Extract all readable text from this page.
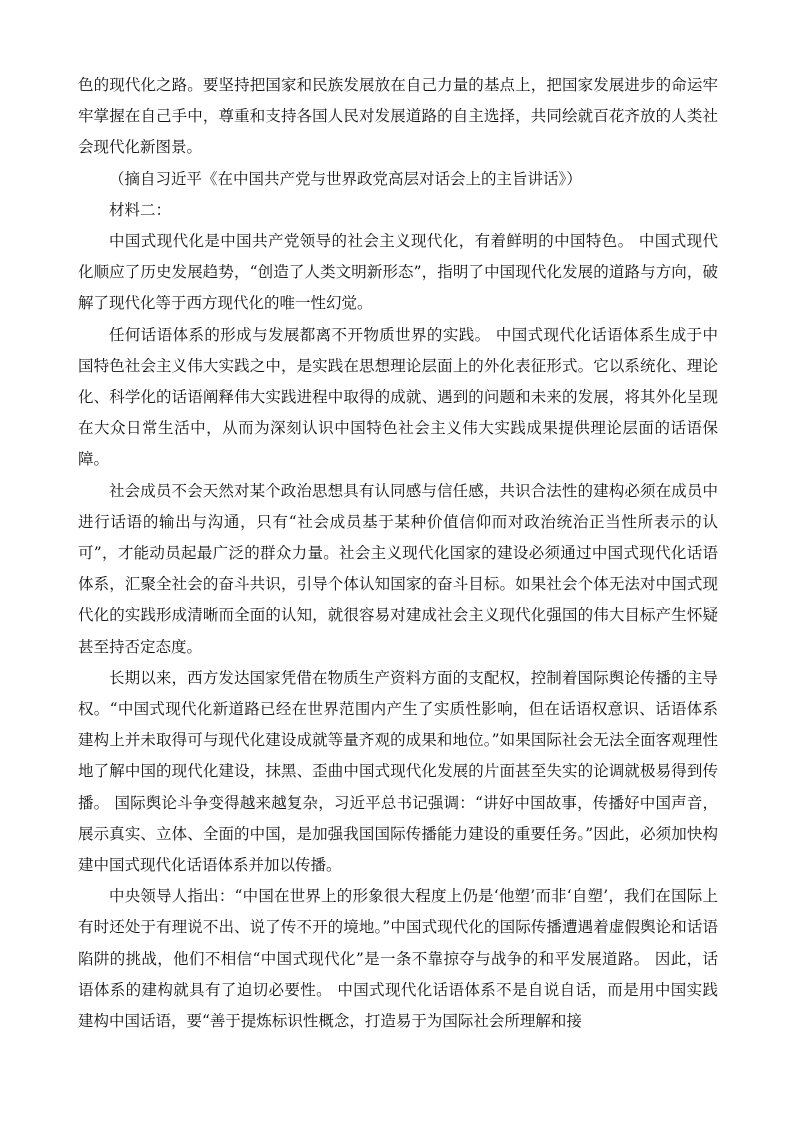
色的现代化之路。要坚持把国家和民族发展放在自己力量的基点上，把国家发展进步的命运牢牢掌握在自己手中，尊重和支持各国人民对发展道路的自主选择，共同绘就百花齐放的人类社会现代化新图景。

（摘自习近平《在中国共产党与世界政党高层对话会上的主旨讲话》）

材料二：

中国式现代化是中国共产党领导的社会主义现代化，有着鲜明的中国特色。 中国式现代化顺应了历史发展趋势，“创造了人类文明新形态”，指明了中国现代化发展的道路与方向，破解了现代化等于西方现代化的唯一性幻觉。

任何话语体系的形成与发展都离不开物质世界的实践。 中国式现代化话语体系生成于中国特色社会主义伟大实践之中，是实践在思想理论层面上的外化表征形式。它以系统化、理论化、科学化的话语阐释伟大实践进程中取得的成就、遇到的问题和未来的发展，将其外化呈现在大众日常生活中，从而为深刻认识中国特色社会主义伟大实践成果提供理论层面的话语保障。

社会成员不会天然对某个政治思想具有认同感与信任感，共识合法性的建构必须在成员中进行话语的输出与沟通，只有“社会成员基于某种价值信仰而对政治统治正当性所表示的认可”，才能动员起最广泛的群众力量。社会主义现代化国家的建设必须通过中国式现代化话语体系，汇聚全社会的奋斗共识，引导个体认知国家的奋斗目标。如果社会个体无法对中国式现代化的实践形成清晰而全面的认知，就很容易对建成社会主义现代化强国的伟大目标产生怀疑甚至持否定态度。

长期以来，西方发达国家凭借在物质生产资料方面的支配权，控制着国际舆论传播的主导权。“中国式现代化新道路已经在世界范围内产生了实质性影响，但在话语权意识、话语体系建构上并未取得可与现代化建设成就等量齐观的成果和地位。”如果国际社会无法全面客观理性地了解中国的现代化建设，抹黑、歪曲中国式现代化发展的片面甚至失实的论调就极易得到传播。 国际舆论斗争变得越来越复杂，习近平总书记强调：“讲好中国故事，传播好中国声音，展示真实、立体、全面的中国，是加强我国国际传播能力建设的重要任务。”因此，必须加快构建中国式现代化话语体系并加以传播。

中央领导人指出：“中国在世界上的形象很大程度上仍是‘他塑’而非‘自塑’，我们在国际上有时还处于有理说不出、说了传不开的境地。”中国式现代化的国际传播遭遇着虚假舆论和话语陷阱的挑战，他们不相信“中国式现代化”是一条不靠掠夺与战争的和平发展道路。 因此，话语体系的建构就具有了迫切必要性。 中国式现代化话语体系不是自说自话，而是用中国实践建构中国话语，要“善于提炼标识性概念，打造易于为国际社会所理解和接
